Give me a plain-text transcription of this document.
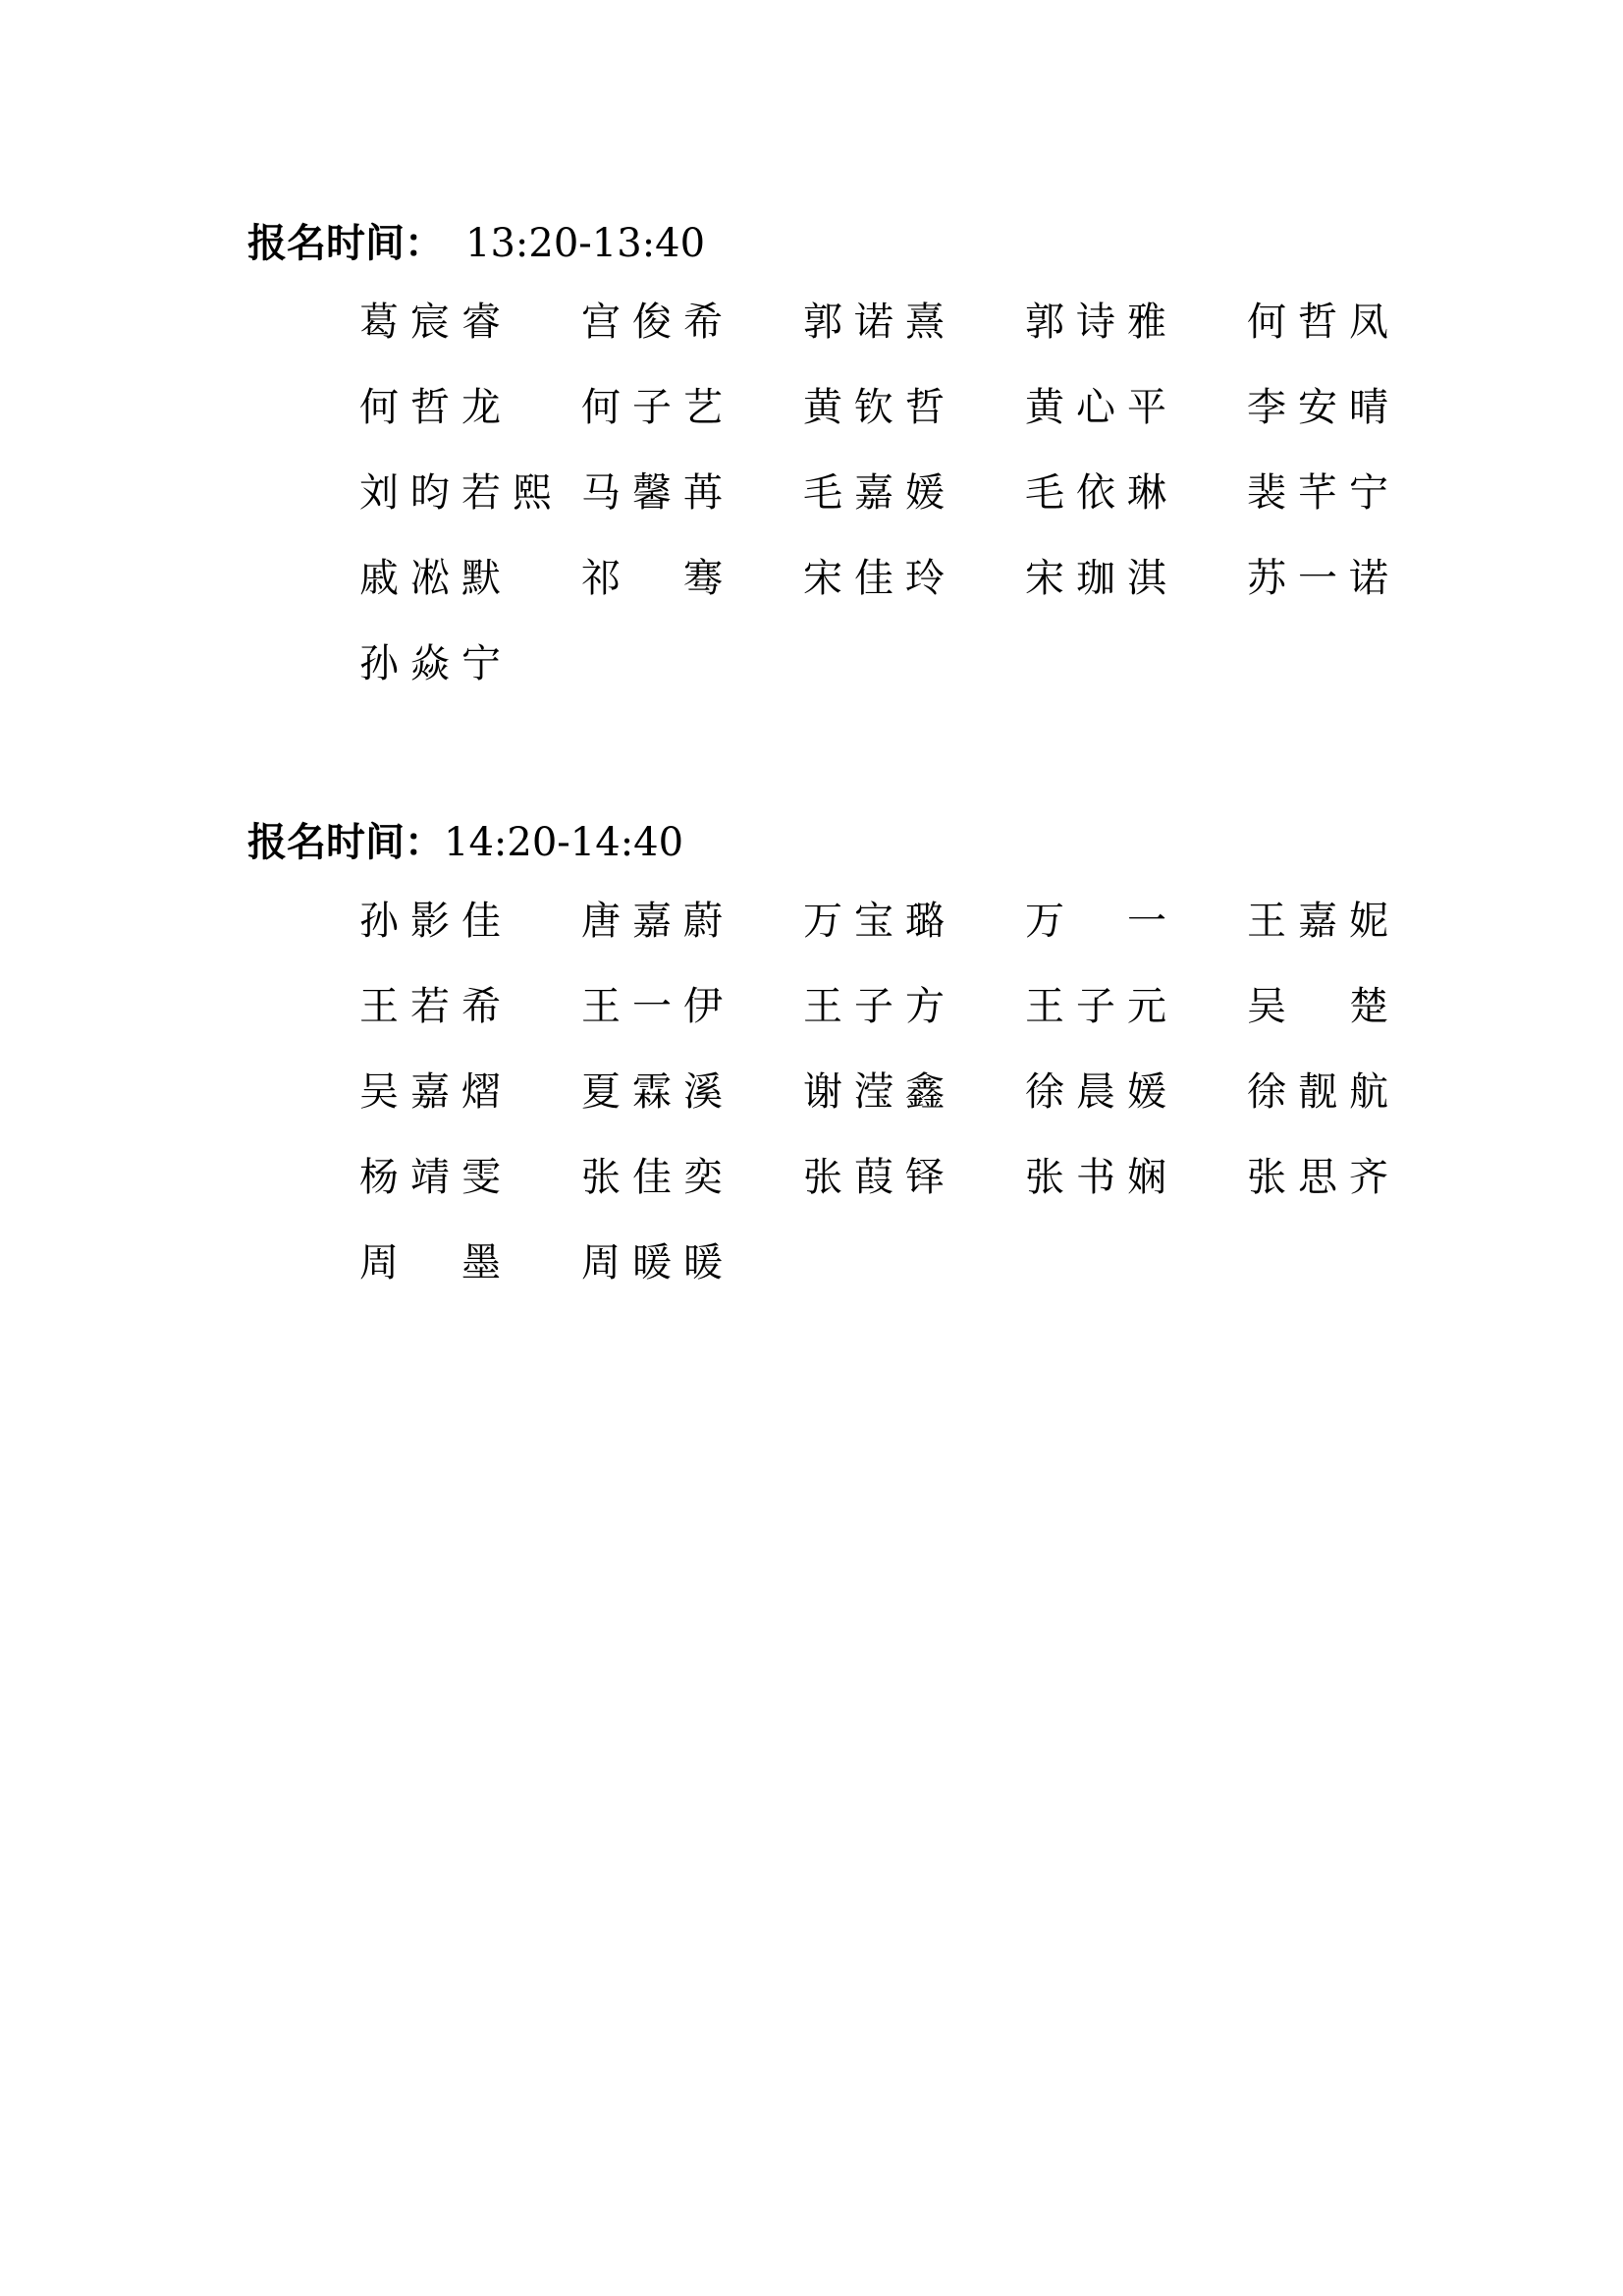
报名时间： 13:20-13:40
葛宸睿 宫俊希 郭诺熹 郭诗雅 何哲凤
何哲龙 何子艺 黄钦哲 黄心平 李安晴
刘昀若熙 马馨苒 毛嘉媛 毛依琳 裴芊宁
戚凇默 祁　骞 宋佳玲 宋珈淇 苏一诺
孙焱宁
报名时间：14:20-14:40
孙影佳 唐嘉蔚 万宝璐 万　一 王嘉妮
王若希 王一伊 王子方 王子元 吴　楚
吴嘉熠 夏霖溪 谢滢鑫 徐晨媛 徐靓航
杨靖雯 张佳奕 张葭铎 张书娴 张思齐
周　墨 周暖暖
